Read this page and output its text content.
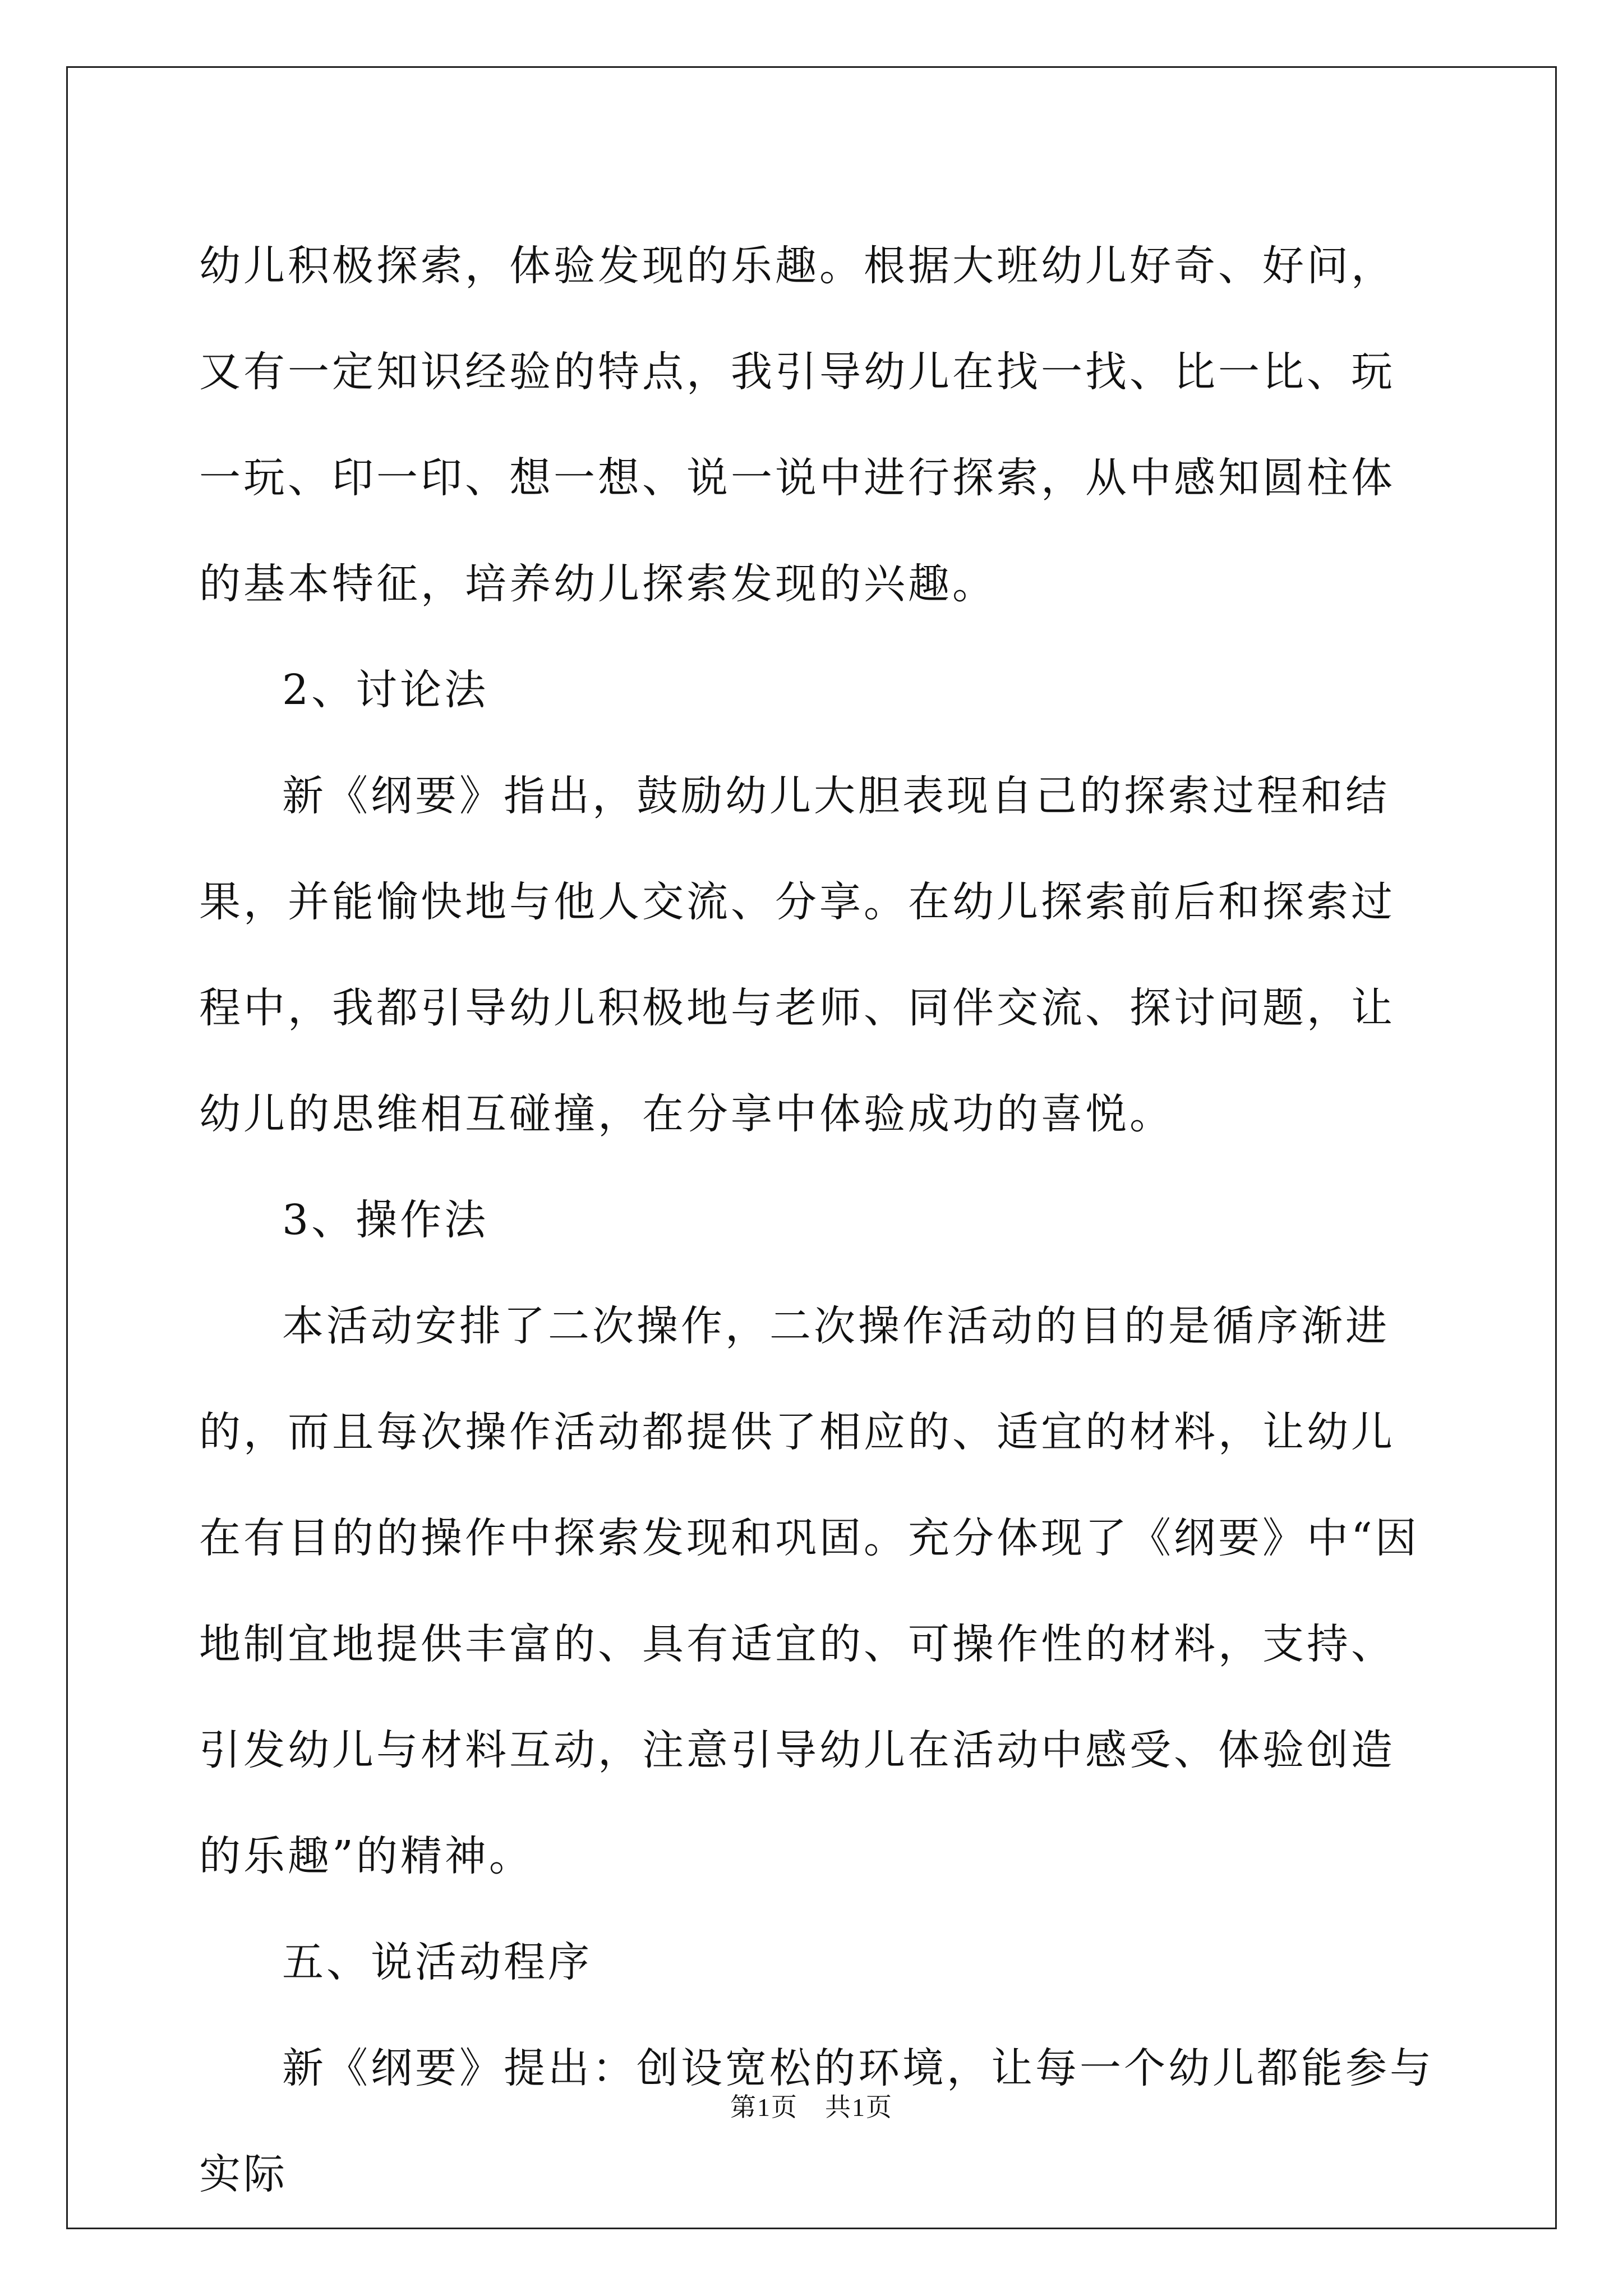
幼儿积极探索，体验发现的乐趣。根据大班幼儿好奇、好问，又有一定知识经验的特点，我引导幼儿在找一找、比一比、玩一玩、印一印、想一想、说一说中进行探索，从中感知圆柱体的基本特征，培养幼儿探索发现的兴趣。

2、讨论法

新《纲要》指出，鼓励幼儿大胆表现自己的探索过程和结果，并能愉快地与他人交流、分享。在幼儿探索前后和探索过程中，我都引导幼儿积极地与老师、同伴交流、探讨问题，让幼儿的思维相互碰撞，在分享中体验成功的喜悦。

3、操作法

本活动安排了二次操作，二次操作活动的目的是循序渐进的，而且每次操作活动都提供了相应的、适宜的材料，让幼儿在有目的的操作中探索发现和巩固。充分体现了《纲要》中“因地制宜地提供丰富的、具有适宜的、可操作性的材料，支持、引发幼儿与材料互动，注意引导幼儿在活动中感受、体验创造的乐趣”的精神。

五、说活动程序

新《纲要》提出：创设宽松的环境，让每一个幼儿都能参与实际

第1页　共1页
